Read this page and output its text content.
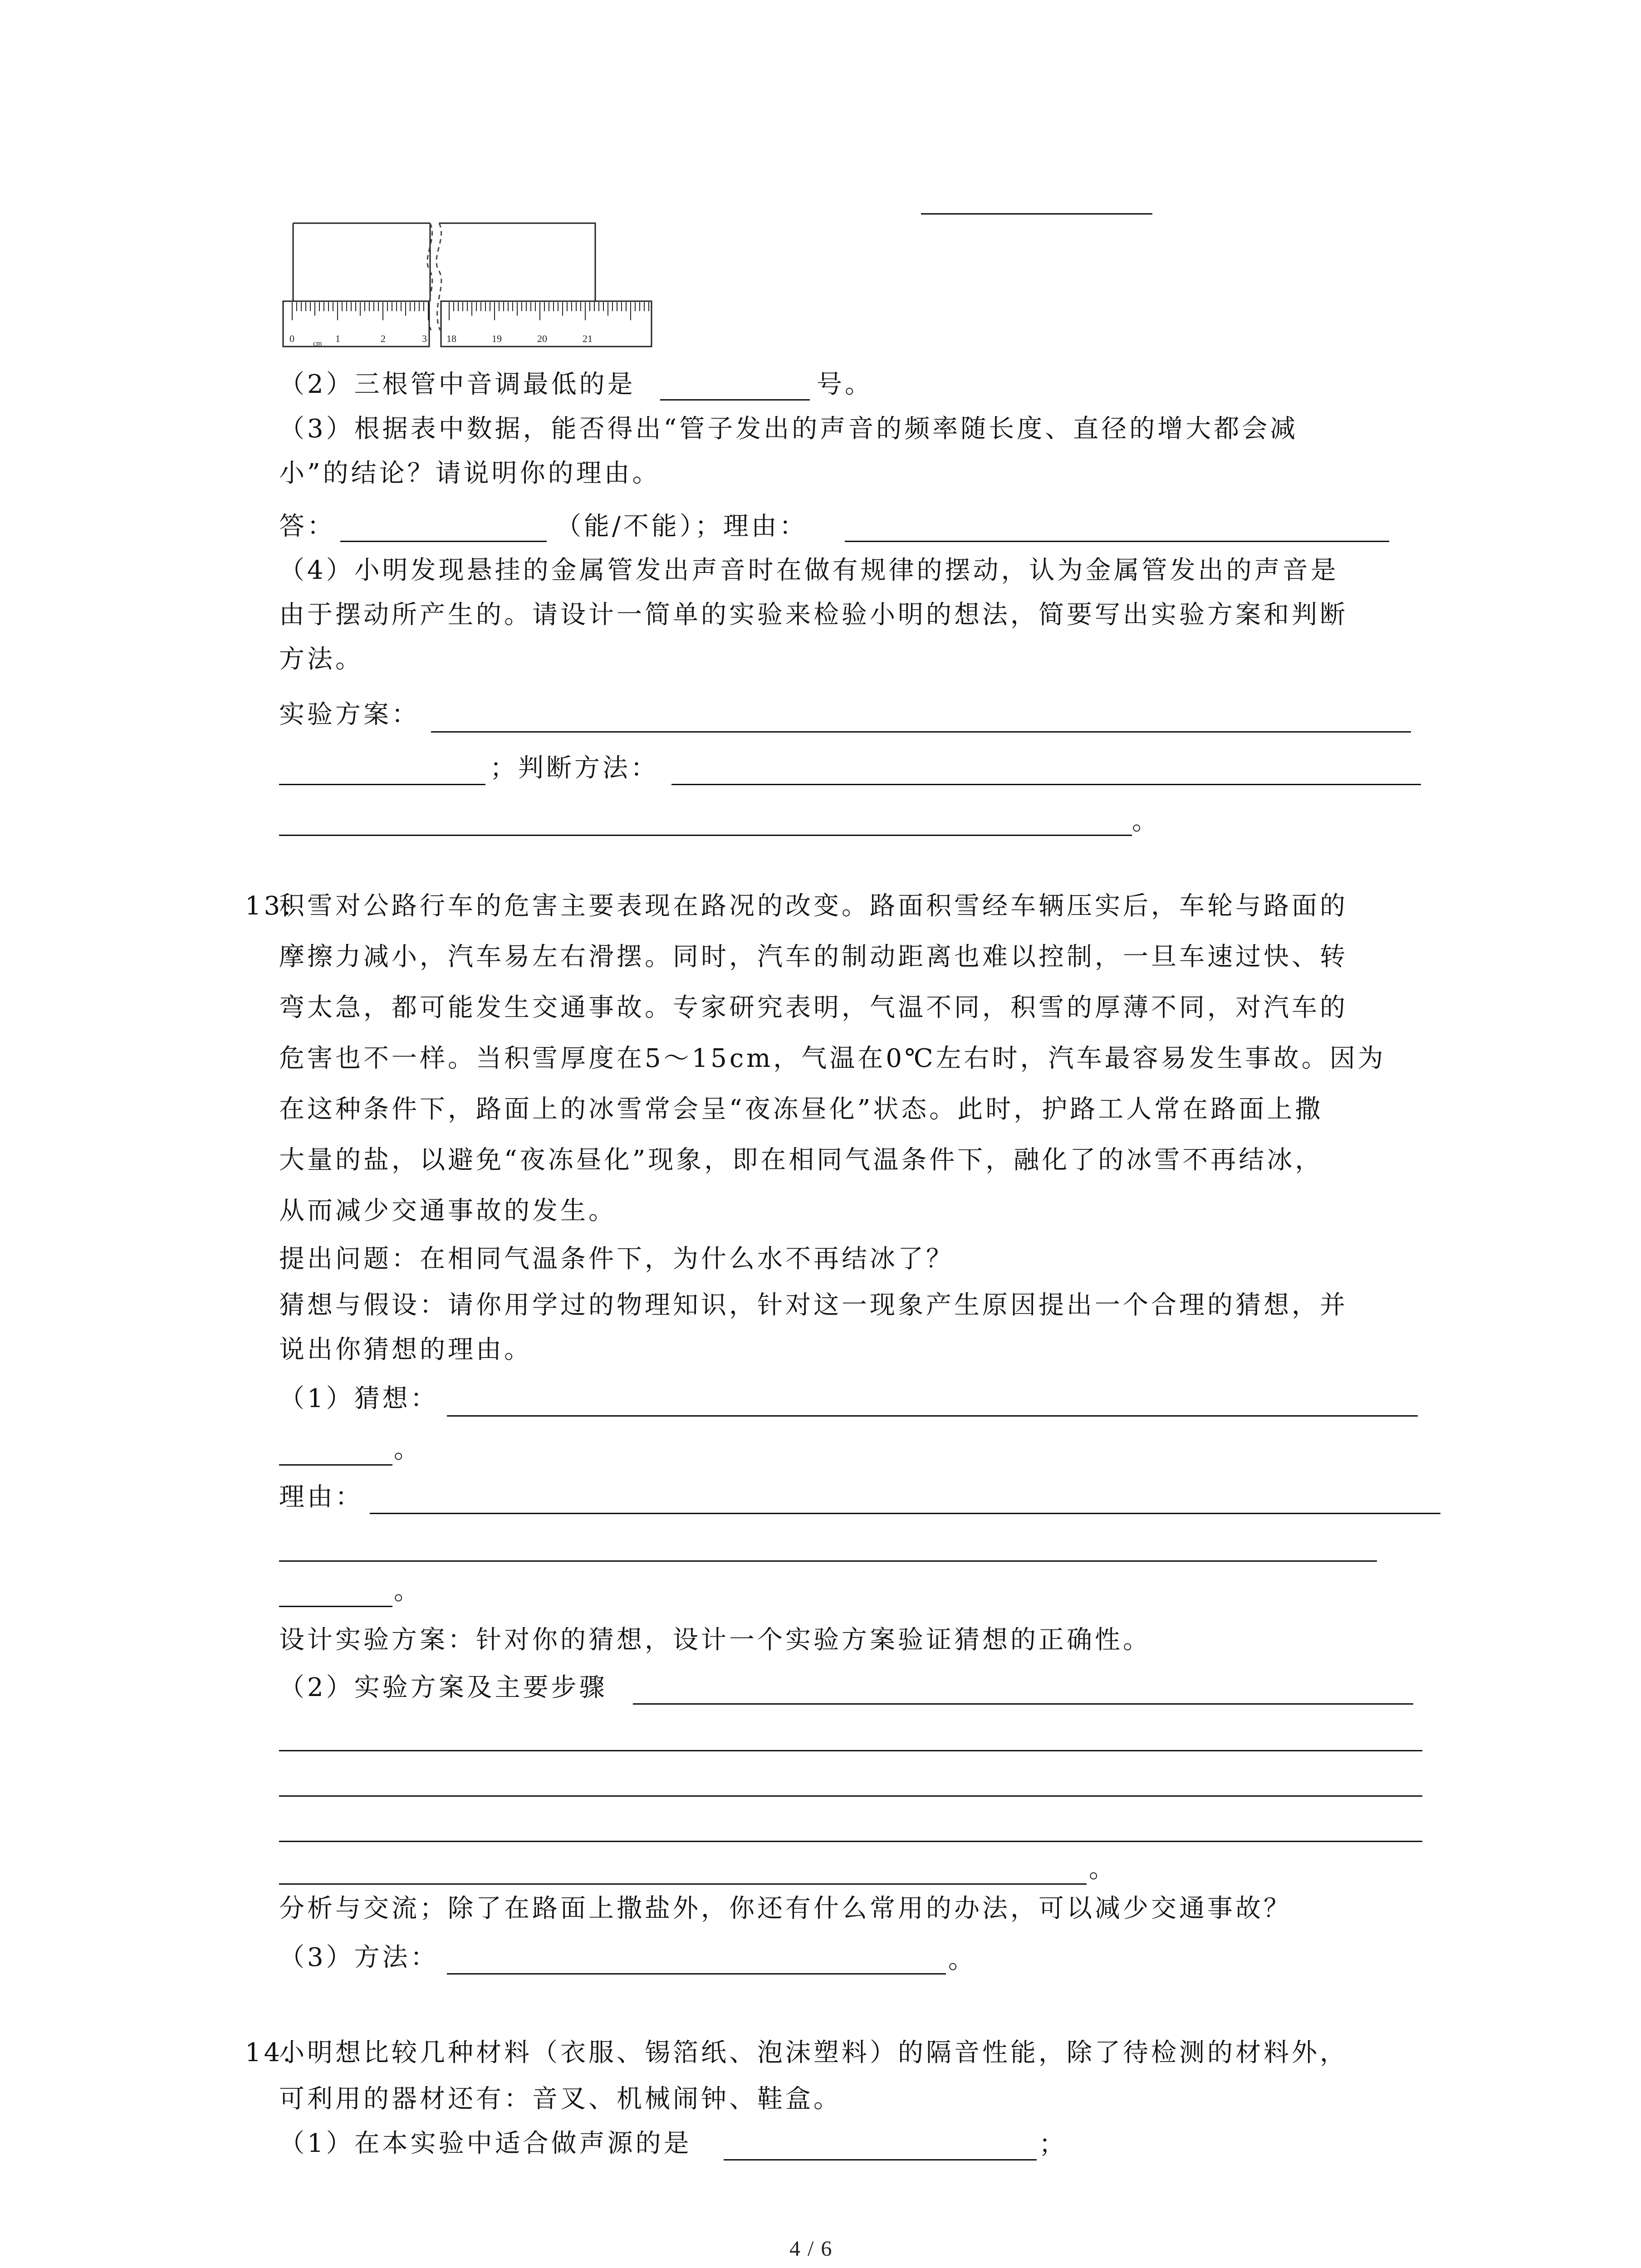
0	1	2	3
cm	18	19	20	21
（2）三根管中音调最低的是	号。
（3）根据表中数据，能否得出“管子发出的声音的频率随长度、直径的增大都会减
小”的结论？请说明你的理由。
答：	（能/不能）；理由：
（4）小明发现悬挂的金属管发出声音时在做有规律的摆动，认为金属管发出的声音是
由于摆动所产生的。请设计一简单的实验来检验小明的想法，简要写出实验方案和判断
方法。
实验方案：
；判断方法：
。
13.
积雪对公路行车的危害主要表现在路况的改变。路面积雪经车辆压实后，车轮与路面的
摩擦力减小，汽车易左右滑摆。同时，汽车的制动距离也难以控制，一旦车速过快、转
弯太急，都可能发生交通事故。专家研究表明，气温不同，积雪的厚薄不同，对汽车的
危害也不一样。当积雪厚度在5～15cm，气温在0℃左右时，汽车最容易发生事故。因为
在这种条件下，路面上的冰雪常会呈“夜冻昼化”状态。此时，护路工人常在路面上撒
大量的盐，以避免“夜冻昼化”现象，即在相同气温条件下，融化了的冰雪不再结冰，
从而减少交通事故的发生。
提出问题：在相同气温条件下，为什么水不再结冰了？
猜想与假设：请你用学过的物理知识，针对这一现象产生原因提出一个合理的猜想，并
说出你猜想的理由。
（1）猜想：
。
理由：
。
设计实验方案：针对你的猜想，设计一个实验方案验证猜想的正确性。
（2）实验方案及主要步骤
。
分析与交流；除了在路面上撒盐外，你还有什么常用的办法，可以减少交通事故？
（3）方法：	。
14.
小明想比较几种材料（衣服、锡箔纸、泡沫塑料）的隔音性能，除了待检测的材料外，
可利用的器材还有：音叉、机械闹钟、鞋盒。
（1）在本实验中适合做声源的是	；
4 / 6
